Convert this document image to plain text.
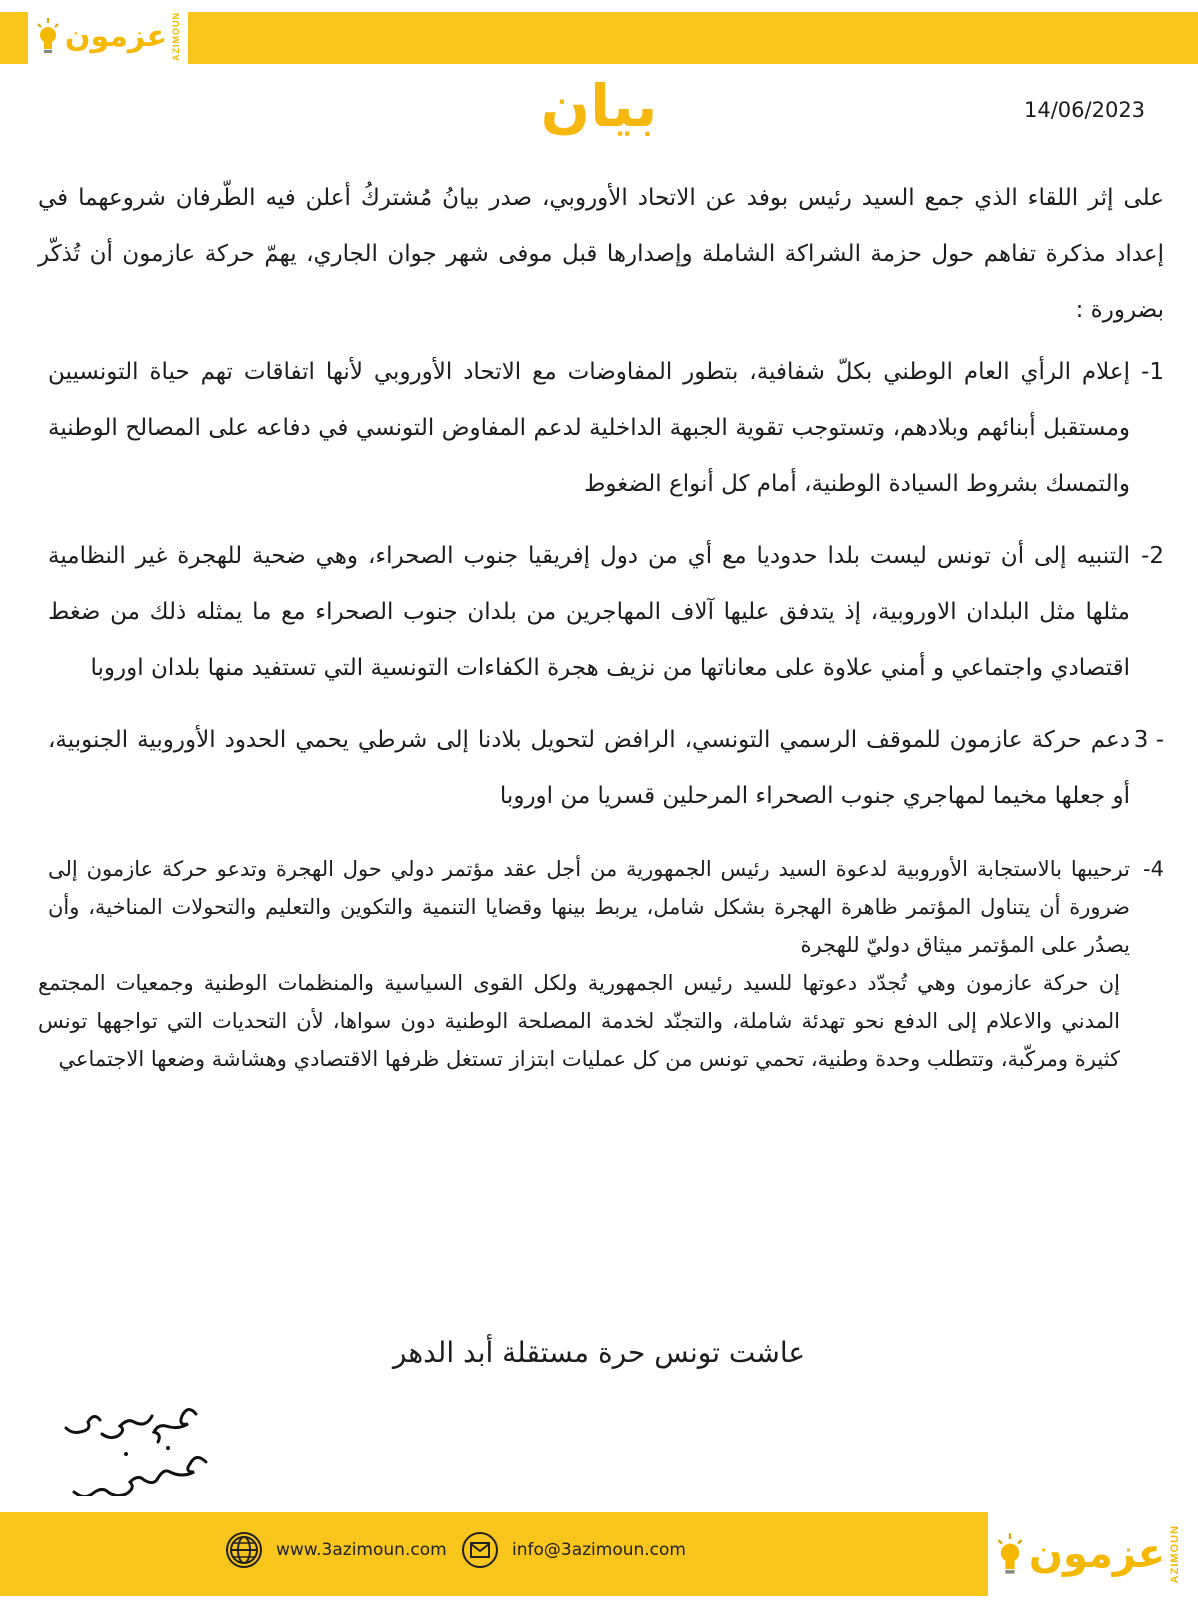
عزمون AZIMOUN
بيان	14/06/2023

على إثر اللقاء الذي جمع السيد رئيس بوفد عن الاتحاد الأوروبي، صدر بيانُ مُشتركُ أعلن فيه الطّرفان شروعهما في إعداد مذكرة تفاهم حول حزمة الشراكة الشاملة وإصدارها قبل موفى شهر جوان الجاري، يهمّ حركة عازمون أن تُذكّر بضرورة :

-1

إعلام الرأي العام الوطني بكلّ شفافية، بتطور المفاوضات مع الاتحاد الأوروبي لأنها اتفاقات تهم حياة التونسيين ومستقبل أبنائهم وبلادهم، وتستوجب تقوية الجبهة الداخلية لدعم المفاوض التونسي في دفاعه على المصالح الوطنية والتمسك بشروط السيادة الوطنية، أمام كل أنواع الضغوط

-2

التنبيه إلى أن تونس ليست بلدا حدوديا مع أي من دول إفريقيا جنوب الصحراء، وهي ضحية للهجرة غير النظامية مثلها مثل البلدان الاوروبية، إذ يتدفق عليها آلاف المهاجرين من بلدان جنوب الصحراء مع ما يمثله ذلك من ضغط اقتصادي واجتماعي و أمني علاوة على معاناتها من نزيف هجرة الكفاءات التونسية التي تستفيد منها بلدان اوروبا

3 -

دعم حركة عازمون للموقف الرسمي التونسي، الرافض لتحويل بلادنا إلى شرطي يحمي الحدود الأوروبية الجنوبية، أو جعلها مخيما لمهاجري جنوب الصحراء المرحلين قسريا من اوروبا

-4

ترحيبها بالاستجابة الأوروبية لدعوة السيد رئيس الجمهورية من أجل عقد مؤتمر دولي حول الهجرة وتدعو حركة عازمون إلى ضرورة أن يتناول المؤتمر ظاهرة الهجرة بشكل شامل، يربط بينها وقضايا التنمية والتكوين والتعليم والتحولات المناخية، وأن يصدُر على المؤتمر ميثاق دوليّ للهجرة

إن حركة عازمون وهي تُجدّد دعوتها للسيد رئيس الجمهورية ولكل القوى السياسية والمنظمات الوطنية وجمعيات المجتمع المدني والاعلام إلى الدفع نحو تهدئة شاملة، والتجنّد لخدمة المصلحة الوطنية دون سواها، لأن التحديات التي تواجهها تونس كثيرة ومركّبة، وتتطلب وحدة وطنية، تحمي تونس من كل عمليات ابتزاز تستغل ظرفها الاقتصادي وهشاشة وضعها الاجتماعي

عاشت تونس حرة مستقلة أبد الدهر
www.3azimoun.com	info@3azimoun.com	عزمون AZIMOUN
